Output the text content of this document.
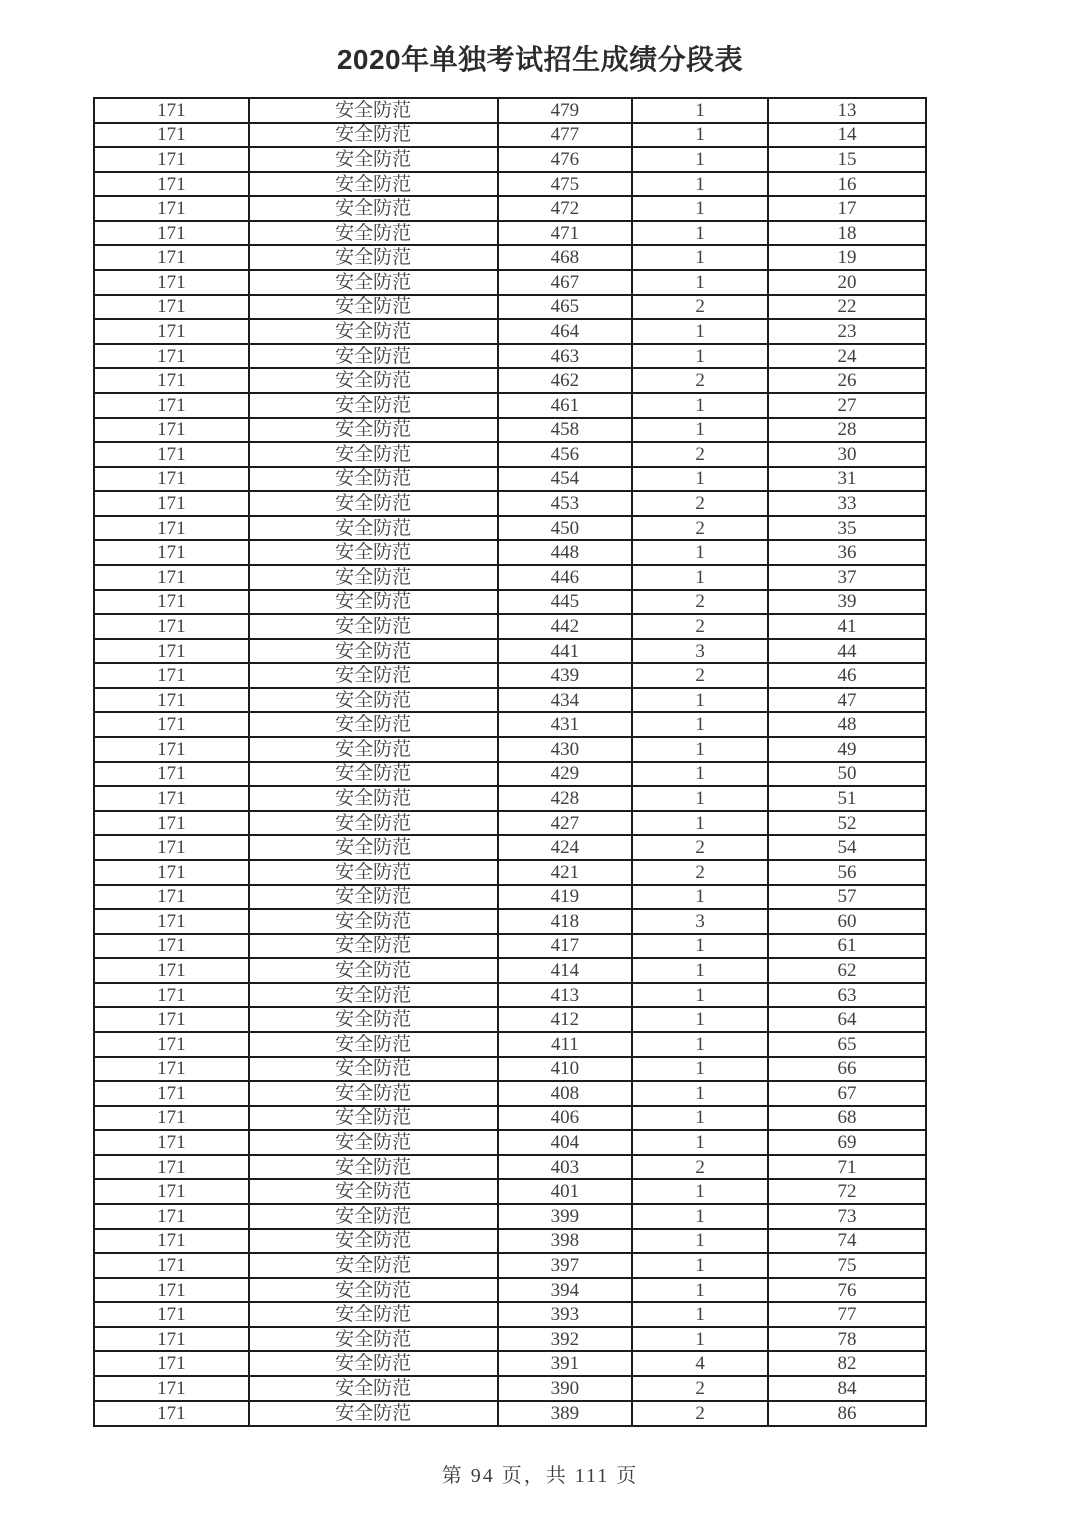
2020年单独考试招生成绩分段表
171	安全防范	479	1	13
171	安全防范	477	1	14
171	安全防范	476	1	15
171	安全防范	475	1	16
171	安全防范	472	1	17
171	安全防范	471	1	18
171	安全防范	468	1	19
171	安全防范	467	1	20
171	安全防范	465	2	22
171	安全防范	464	1	23
171	安全防范	463	1	24
171	安全防范	462	2	26
171	安全防范	461	1	27
171	安全防范	458	1	28
171	安全防范	456	2	30
171	安全防范	454	1	31
171	安全防范	453	2	33
171	安全防范	450	2	35
171	安全防范	448	1	36
171	安全防范	446	1	37
171	安全防范	445	2	39
171	安全防范	442	2	41
171	安全防范	441	3	44
171	安全防范	439	2	46
171	安全防范	434	1	47
171	安全防范	431	1	48
171	安全防范	430	1	49
171	安全防范	429	1	50
171	安全防范	428	1	51
171	安全防范	427	1	52
171	安全防范	424	2	54
171	安全防范	421	2	56
171	安全防范	419	1	57
171	安全防范	418	3	60
171	安全防范	417	1	61
171	安全防范	414	1	62
171	安全防范	413	1	63
171	安全防范	412	1	64
171	安全防范	411	1	65
171	安全防范	410	1	66
171	安全防范	408	1	67
171	安全防范	406	1	68
171	安全防范	404	1	69
171	安全防范	403	2	71
171	安全防范	401	1	72
171	安全防范	399	1	73
171	安全防范	398	1	74
171	安全防范	397	1	75
171	安全防范	394	1	76
171	安全防范	393	1	77
171	安全防范	392	1	78
171	安全防范	391	4	82
171	安全防范	390	2	84
171	安全防范	389	2	86
第 94 页，共 111 页
